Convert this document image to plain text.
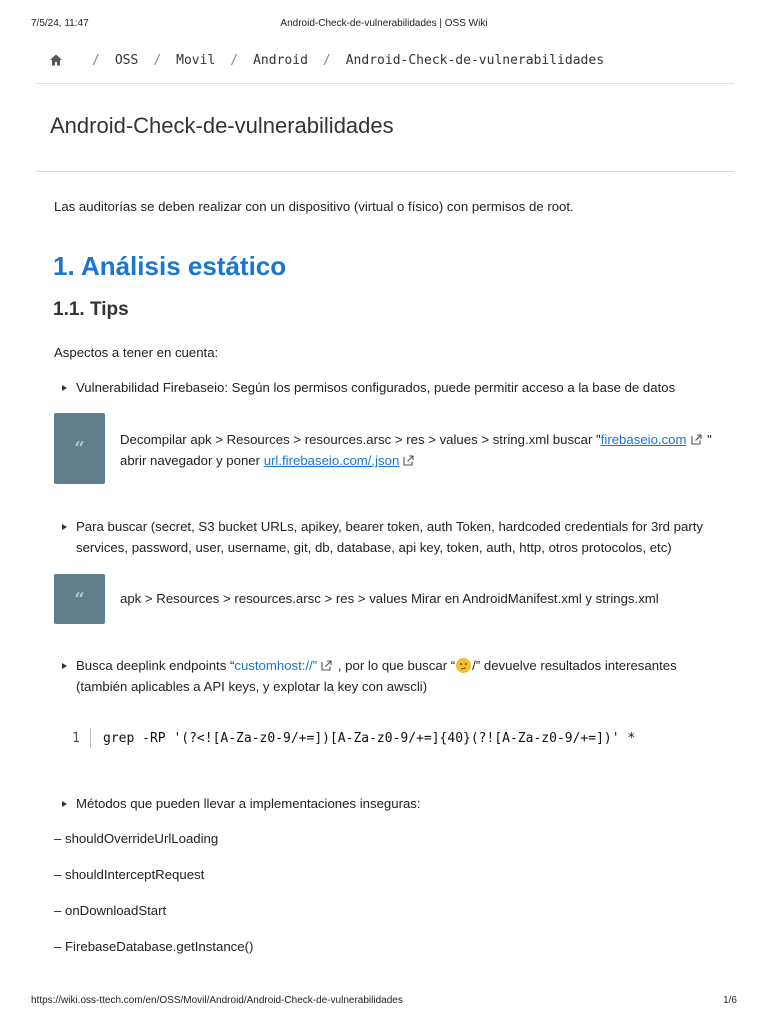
7/5/24, 11:47	Android-Check-de-vulnerabilidades | OSS Wiki
/ OSS / Movil / Android / Android-Check-de-vulnerabilidades
Android-Check-de-vulnerabilidades

Las auditorías se deben realizar con un dispositivo (virtual o físico) con permisos de root.

1. Análisis estático
1.1. Tips

Aspectos a tener en cuenta:

Vulnerabilidad Firebaseio: Según los permisos configurados, puede permitir acceso a la base de datos
“	Decompilar apk > Resources > resources.arsc > res > values > string.xml buscar "firebaseio.com "
abrir navegador y poner url.firebaseio.com/.json
Para buscar (secret, S3 bucket URLs, apikey, bearer token, auth Token, hardcoded credentials for 3rd party services, password, user, username, git, db, database, api key, token, auth, http, otros protocolos, etc)
“	apk > Resources > resources.arsc > res > values Mirar en AndroidManifest.xml y strings.xml
Busca deeplink endpoints “customhost://” , por lo que buscar “ /” devuelve resultados interesantes
(también aplicables a API keys, y explotar la key con awscli)
1 grep -RP '(?<![A-Za-z0-9/+=])[A-Za-z0-9/+=]{40}(?![A-Za-z0-9/+=])' *
Métodos que pueden llevar a implementaciones inseguras:
– shouldOverrideUrlLoading
– shouldInterceptRequest
– onDownloadStart
– FirebaseDatabase.getInstance()
https://wiki.oss-ttech.com/en/OSS/Movil/Android/Android-Check-de-vulnerabilidades	1/6
